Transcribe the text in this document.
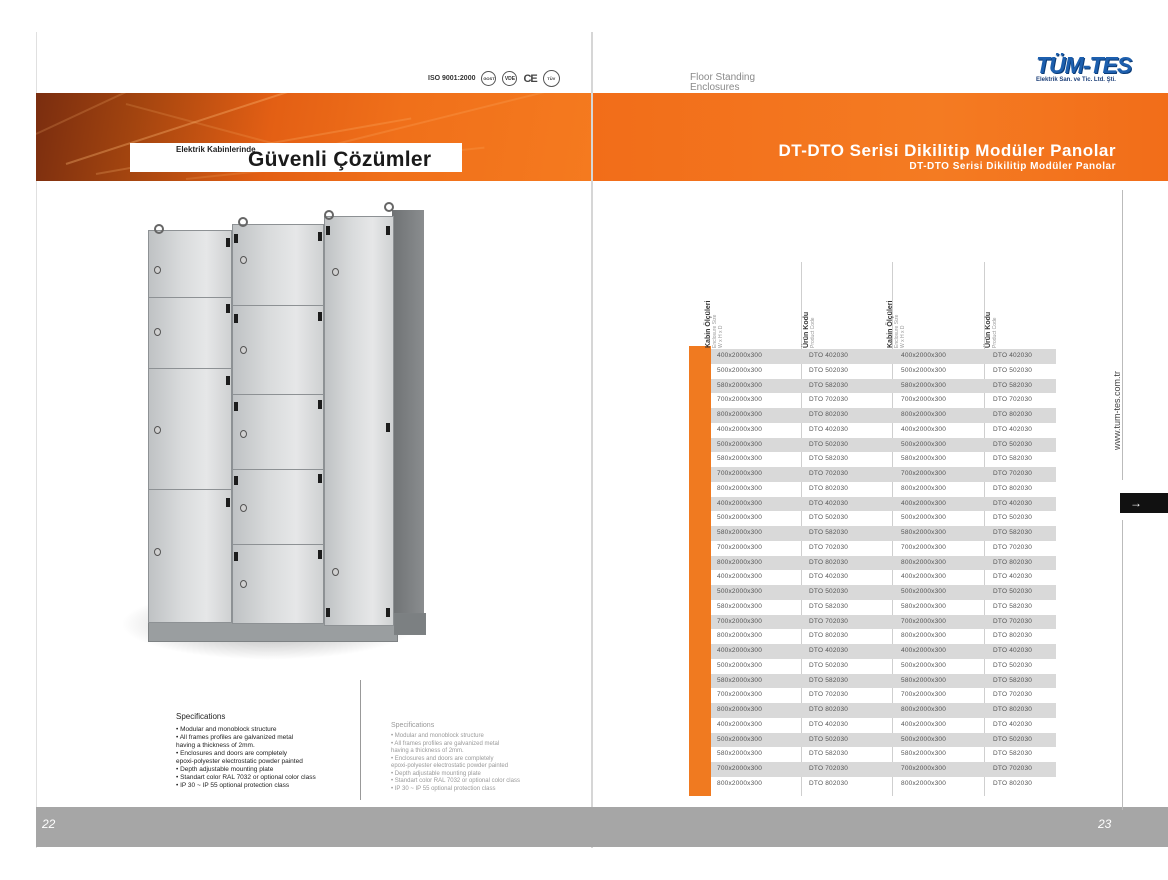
ISO 9001:2000	GOST	VDE CE	TÜV
Elektrik Kabinlerinde
Güvenli Çözümler
Specifications
• Modular and monoblock structure
• All frames profiles are galvanized metal
having a thickness of 2mm.
• Enclosures and doors are completely
epoxi-polyester electrostatic powder painted
• Depth adjustable mounting plate
• Standart color RAL 7032 or optional color class
• IP 30 ~ IP 55 optional protection class
Specifications
• Modular and monoblock structure
• All frames profiles are galvanized metal
having a thickness of 2mm.
• Enclosures and doors are completely
epoxi-polyester electrostatic powder painted
• Depth adjustable mounting plate
• Standart color RAL 7032 or optional color class
• IP 30 ~ IP 55 optional protection class
22	23
Floor Standing
Enclosures
TÜM-TES
Elektrik San. ve Tic. Ltd. Şti.
DT-DTO Serisi Dikilitip Modüler Panolar
DT-DTO Serisi Dikilitip Modüler Panolar
www.tum-tes.com.tr
→
Kabin Ölçüleri Enclosure Size W x H x D	Ürün Kodu Product Code	Kabin Ölçüleri Enclosure Size W x H x D	Ürün Kodu Product Code
400x2000x300	DTO 402030	400x2000x300	DTO 402030
500x2000x300	DTO 502030	500x2000x300	DTO 502030
580x2000x300	DTO 582030	580x2000x300	DTO 582030
700x2000x300	DTO 702030	700x2000x300	DTO 702030
800x2000x300	DTO 802030	800x2000x300	DTO 802030
400x2000x300	DTO 402030	400x2000x300	DTO 402030
500x2000x300	DTO 502030	500x2000x300	DTO 502030
580x2000x300	DTO 582030	580x2000x300	DTO 582030
700x2000x300	DTO 702030	700x2000x300	DTO 702030
800x2000x300	DTO 802030	800x2000x300	DTO 802030
400x2000x300	DTO 402030	400x2000x300	DTO 402030
500x2000x300	DTO 502030	500x2000x300	DTO 502030
580x2000x300	DTO 582030	580x2000x300	DTO 582030
700x2000x300	DTO 702030	700x2000x300	DTO 702030
800x2000x300	DTO 802030	800x2000x300	DTO 802030
400x2000x300	DTO 402030	400x2000x300	DTO 402030
500x2000x300	DTO 502030	500x2000x300	DTO 502030
580x2000x300	DTO 582030	580x2000x300	DTO 582030
700x2000x300	DTO 702030	700x2000x300	DTO 702030
800x2000x300	DTO 802030	800x2000x300	DTO 802030
400x2000x300	DTO 402030	400x2000x300	DTO 402030
500x2000x300	DTO 502030	500x2000x300	DTO 502030
580x2000x300	DTO 582030	580x2000x300	DTO 582030
700x2000x300	DTO 702030	700x2000x300	DTO 702030
800x2000x300	DTO 802030	800x2000x300	DTO 802030
400x2000x300	DTO 402030	400x2000x300	DTO 402030
500x2000x300	DTO 502030	500x2000x300	DTO 502030
580x2000x300	DTO 582030	580x2000x300	DTO 582030
700x2000x300	DTO 702030	700x2000x300	DTO 702030
800x2000x300	DTO 802030	800x2000x300	DTO 802030
